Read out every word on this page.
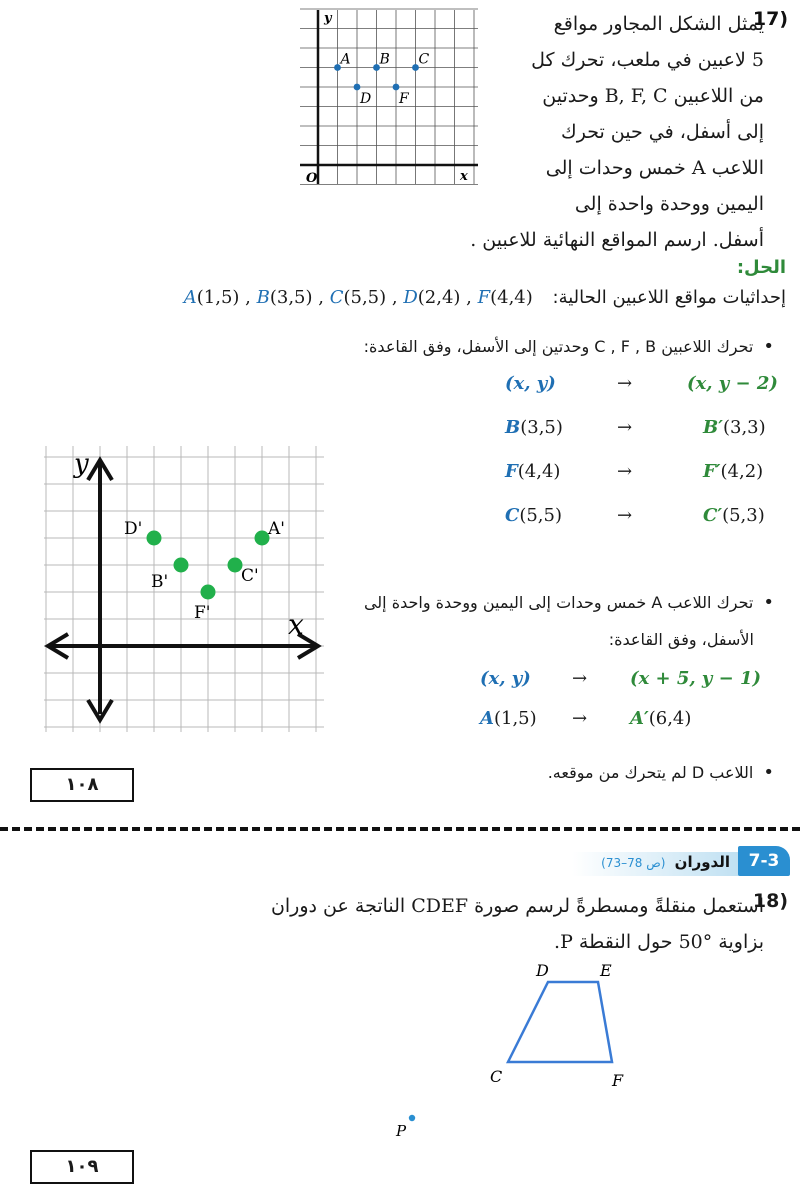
17)
يمثل الشكل المجاور مواقع
5 لاعبين في ملعب، تحرك كل
من اللاعبين B, F, C وحدتين
إلى أسفل، في حين تحرك
اللاعب A خمس وحدات إلى
اليمين ووحدة واحدة إلى
أسفل. ارسم المواقع النهائية للاعبين .
y
x
O
A B C
D F
الحل:
إحداثيات مواقع اللاعبين الحالية: A(1,5) , B(3,5) , C(5,5) , D(2,4) , F(4,4)
• تحرك اللاعبين C , F , B وحدتين إلى الأسفل، وفق القاعدة:
(x, y)	→	(x, y − 2)
B(3,5)	→	B′(3,3)
F(4,4)	→	F′(4,2)
C(5,5)	→	C′(5,3)
y
x
A'
B'	C'
D'
F'
• تحرك اللاعب A خمس وحدات إلى اليمين ووحدة واحدة إلى
الأسفل، وفق القاعدة:
(x, y) → (x + 5, y − 1)
A(1,5) → A′(6,4)
• اللاعب D لم يتحرك من موقعه.
١٠٨
الدوران (ص 78–73)	7-3
18)
استعمل منقلةً ومسطرةً لرسم صورة CDEF الناتجة عن دوران
بزاوية °50 حول النقطة P.
D	E
C	F
P
١٠٩
